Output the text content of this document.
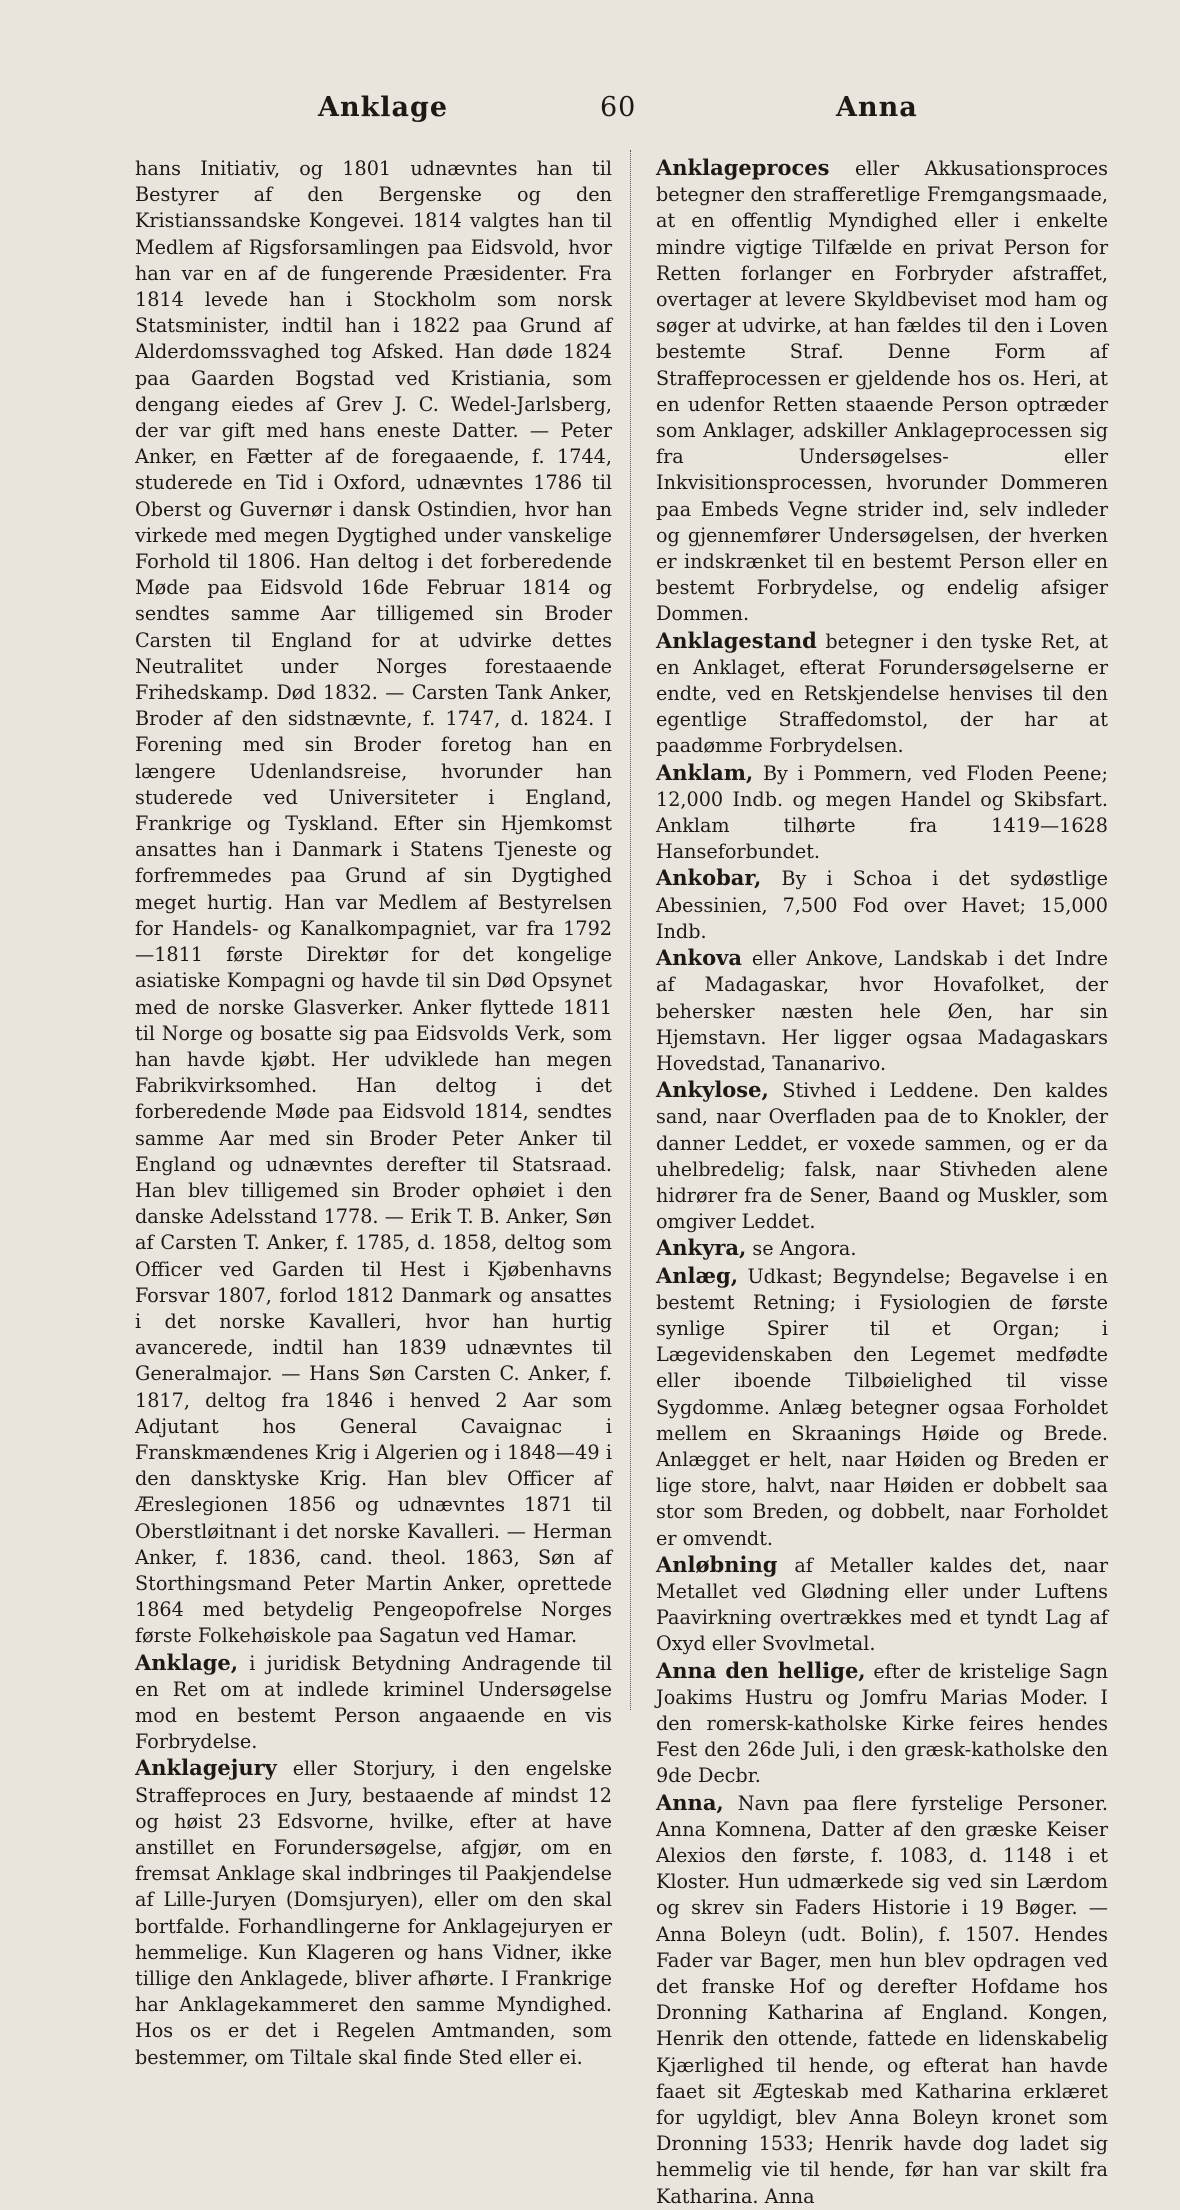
Anklage	60	Anna

hans Initiativ, og 1801 udnævntes han til Bestyrer af den Bergenske og den Kristianssandske Kongevei. 1814 valgtes han til Medlem af Rigsforsamlingen paa Eidsvold, hvor han var en af de fungerende Præsidenter. Fra 1814 levede han i Stockholm som norsk Statsminister, indtil han i 1822 paa Grund af Alderdomssvaghed tog Afsked. Han døde 1824 paa Gaarden Bogstad ved Kristiania, som dengang eiedes af Grev J. C. Wedel-Jarlsberg, der var gift med hans eneste Datter. — Peter Anker, en Fætter af de foregaaende, f. 1744, studerede en Tid i Oxford, udnævntes 1786 til Oberst og Guvernør i dansk Ostindien, hvor han virkede med megen Dygtighed under vanskelige Forhold til 1806. Han deltog i det forberedende Møde paa Eidsvold 16de Februar 1814 og sendtes samme Aar tilligemed sin Broder Carsten til England for at udvirke dettes Neutralitet under Norges forestaaende Frihedskamp. Død 1832. — Carsten Tank Anker, Broder af den sidstnævnte, f. 1747, d. 1824. I Forening med sin Broder foretog han en længere Udenlandsreise, hvorunder han studerede ved Universiteter i England, Frankrige og Tyskland. Efter sin Hjemkomst ansattes han i Danmark i Statens Tjeneste og forfremmedes paa Grund af sin Dygtighed meget hurtig. Han var Medlem af Bestyrelsen for Handels- og Kanalkompagniet, var fra 1792—1811 første Direktør for det kongelige asiatiske Kompagni og havde til sin Død Opsynet med de norske Glasverker. Anker flyttede 1811 til Norge og bosatte sig paa Eidsvolds Verk, som han havde kjøbt. Her udviklede han megen Fabrikvirksomhed. Han deltog i det forberedende Møde paa Eidsvold 1814, sendtes samme Aar med sin Broder Peter Anker til England og udnævntes derefter til Statsraad. Han blev tilligemed sin Broder ophøiet i den danske Adelsstand 1778. — Erik T. B. Anker, Søn af Carsten T. Anker, f. 1785, d. 1858, deltog som Officer ved Garden til Hest i Kjøbenhavns Forsvar 1807, forlod 1812 Danmark og ansattes i det norske Kavalleri, hvor han hurtig avancerede, indtil han 1839 udnævntes til Generalmajor. — Hans Søn Carsten C. Anker, f. 1817, deltog fra 1846 i henved 2 Aar som Adjutant hos General Cavaignac i Franskmændenes Krig i Algerien og i 1848—49 i den dansktyske Krig. Han blev Officer af Æreslegionen 1856 og udnævntes 1871 til Oberstløitnant i det norske Kavalleri. — Herman Anker, f. 1836, cand. theol. 1863, Søn af Storthingsmand Peter Martin Anker, oprettede 1864 med betydelig Pengeopofrelse Norges første Folkehøiskole paa Sagatun ved Hamar.

Anklage, i juridisk Betydning Andragende til en Ret om at indlede kriminel Undersøgelse mod en bestemt Person angaaende en vis Forbrydelse.

Anklagejury eller Storjury, i den engelske Straffeproces en Jury, bestaaende af mindst 12 og høist 23 Edsvorne, hvilke, efter at have anstillet en Forundersøgelse, afgjør, om en fremsat Anklage skal indbringes til Paakjendelse af Lille-Juryen (Domsjuryen), eller om den skal bortfalde. Forhandlingerne for Anklagejuryen er hemmelige. Kun Klageren og hans Vidner, ikke tillige den Anklagede, bliver afhørte. I Frankrige har Anklagekammeret den samme Myndighed. Hos os er det i Regelen Amtmanden, som bestemmer, om Tiltale skal finde Sted eller ei.

Anklageproces eller Akkusationsproces betegner den strafferetlige Fremgangsmaade, at en offentlig Myndighed eller i enkelte mindre vigtige Tilfælde en privat Person for Retten forlanger en Forbryder afstraffet, overtager at levere Skyldbeviset mod ham og søger at udvirke, at han fældes til den i Loven bestemte Straf. Denne Form af Straffeprocessen er gjeldende hos os. Heri, at en udenfor Retten staaende Person optræder som Anklager, adskiller Anklageprocessen sig fra Undersøgelses- eller Inkvisitionsprocessen, hvorunder Dommeren paa Embeds Vegne strider ind, selv indleder og gjennemfører Undersøgelsen, der hverken er indskrænket til en bestemt Person eller en bestemt Forbrydelse, og endelig afsiger Dommen.

Anklagestand betegner i den tyske Ret, at en Anklaget, efterat Forundersøgelserne er endte, ved en Retskjendelse henvises til den egentlige Straffedomstol, der har at paadømme Forbrydelsen.

Anklam, By i Pommern, ved Floden Peene; 12,000 Indb. og megen Handel og Skibsfart. Anklam tilhørte fra 1419—1628 Hanseforbundet.

Ankobar, By i Schoa i det sydøstlige Abessinien, 7,500 Fod over Havet; 15,000 Indb.

Ankova eller Ankove, Landskab i det Indre af Madagaskar, hvor Hovafolket, der behersker næsten hele Øen, har sin Hjemstavn. Her ligger ogsaa Madagaskars Hovedstad, Tananarivo.

Ankylose, Stivhed i Leddene. Den kaldes sand, naar Overfladen paa de to Knokler, der danner Leddet, er voxede sammen, og er da uhelbredelig; falsk, naar Stivheden alene hidrører fra de Sener, Baand og Muskler, som omgiver Leddet.

Ankyra, se Angora.

Anlæg, Udkast; Begyndelse; Begavelse i en bestemt Retning; i Fysiologien de første synlige Spirer til et Organ; i Lægevidenskaben den Legemet medfødte eller iboende Tilbøielighed til visse Sygdomme. Anlæg betegner ogsaa Forholdet mellem en Skraanings Høide og Brede. Anlægget er helt, naar Høiden og Breden er lige store, halvt, naar Høiden er dobbelt saa stor som Breden, og dobbelt, naar Forholdet er omvendt.

Anløbning af Metaller kaldes det, naar Metallet ved Glødning eller under Luftens Paavirkning overtrækkes med et tyndt Lag af Oxyd eller Svovlmetal.

Anna den hellige, efter de kristelige Sagn Joakims Hustru og Jomfru Marias Moder. I den romersk-katholske Kirke feires hendes Fest den 26de Juli, i den græsk-katholske den 9de Decbr.

Anna, Navn paa flere fyrstelige Personer. Anna Komnena, Datter af den græske Keiser Alexios den første, f. 1083, d. 1148 i et Kloster. Hun udmærkede sig ved sin Lærdom og skrev sin Faders Historie i 19 Bøger. — Anna Boleyn (udt. Bolin), f. 1507. Hendes Fader var Bager, men hun blev opdragen ved det franske Hof og derefter Hofdame hos Dronning Katharina af England. Kongen, Henrik den ottende, fattede en lidenskabelig Kjærlighed til hende, og efterat han havde faaet sit Ægteskab med Katharina erklæret for ugyldigt, blev Anna Boleyn kronet som Dronning 1533; Henrik havde dog ladet sig hemmelig vie til hende, før han var skilt fra Katharina. Anna
